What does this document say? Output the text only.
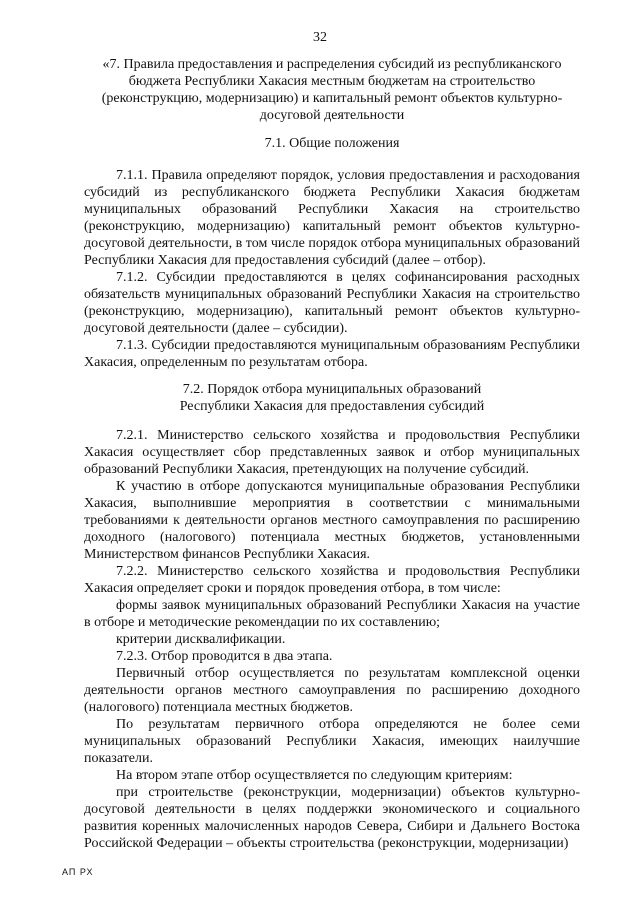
32
«7. Правила предоставления и распределения субсидий из республиканского бюджета Республики Хакасия местным бюджетам на строительство (реконструкцию, модернизацию) и капитальный ремонт объектов культурно-досуговой деятельности
7.1. Общие положения

7.1.1. Правила определяют порядок, условия предоставления и расходования субсидий из республиканского бюджета Республики Хакасия бюджетам муниципальных образований Республики Хакасия на строительство (реконструкцию, модернизацию) капитальный ремонт объектов культурно-досуговой деятельности, в том числе порядок отбора муниципальных образований Республики Хакасия для предоставления субсидий (далее – отбор).

7.1.2. Субсидии предоставляются в целях софинансирования расходных обязательств муниципальных образований Республики Хакасия на строительство (реконструкцию, модернизацию), капитальный ремонт объектов культурно-досуговой деятельности (далее – субсидии).

7.1.3. Субсидии предоставляются муниципальным образованиям Республики Хакасия, определенным по результатам отбора.

7.2. Порядок отбора муниципальных образований
Республики Хакасия для предоставления субсидий

7.2.1. Министерство сельского хозяйства и продовольствия Республики Хакасия осуществляет сбор представленных заявок и отбор муниципальных образований Республики Хакасия, претендующих на получение субсидий.

К участию в отборе допускаются муниципальные образования Республики Хакасия, выполнившие мероприятия в соответствии с минимальными требованиями к деятельности органов местного самоуправления по расширению доходного (налогового) потенциала местных бюджетов, установленными Министерством финансов Республики Хакасия.

7.2.2. Министерство сельского хозяйства и продовольствия Республики Хакасия определяет сроки и порядок проведения отбора, в том числе:

формы заявок муниципальных образований Республики Хакасия на участие в отборе и методические рекомендации по их составлению;

критерии дисквалификации.

7.2.3. Отбор проводится в два этапа.

Первичный отбор осуществляется по результатам комплексной оценки деятельности органов местного самоуправления по расширению доходного (налогового) потенциала местных бюджетов.

По результатам первичного отбора определяются не более семи муниципальных образований Республики Хакасия, имеющих наилучшие показатели.

На втором этапе отбор осуществляется по следующим критериям:

при строительстве (реконструкции, модернизации) объектов культурно-досуговой деятельности в целях поддержки экономического и социального развития коренных малочисленных народов Севера, Сибири и Дальнего Востока Российской Федерации – объекты строительства (реконструкции, модернизации)

АП РХ
